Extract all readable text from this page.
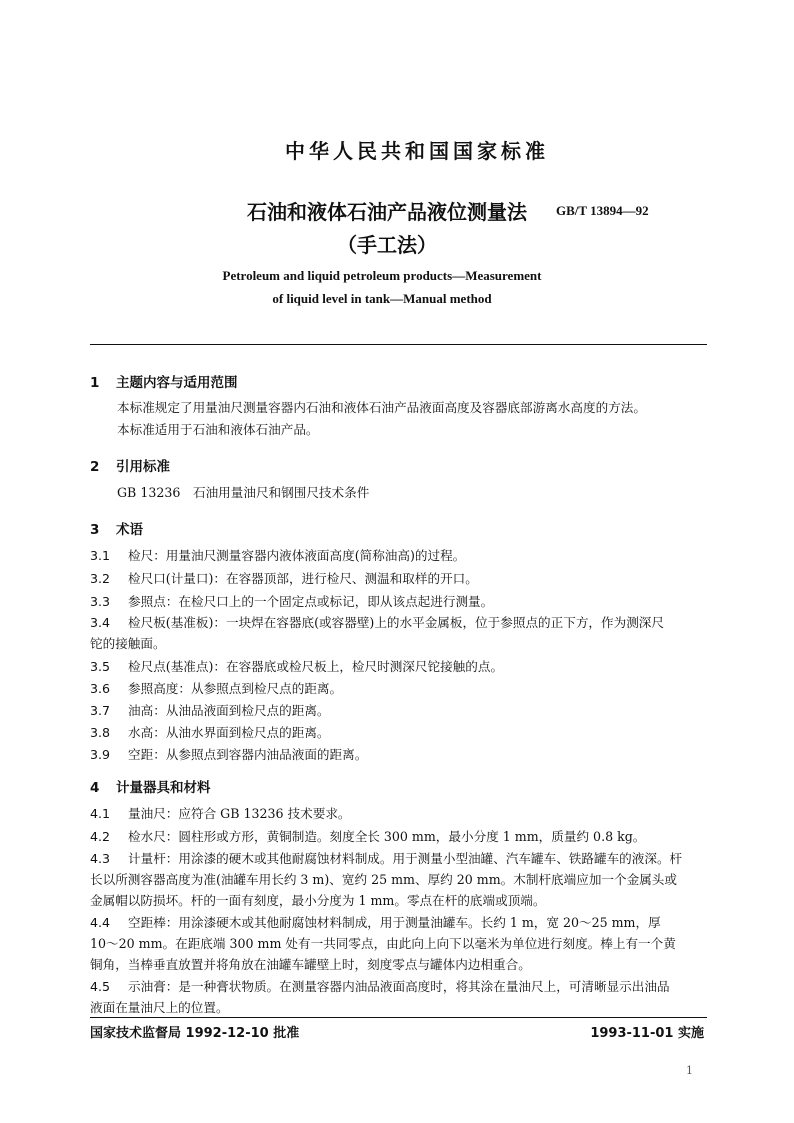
中华人民共和国国家标准
石油和液体石油产品液位测量法	GB/T 13894—92
（手工法）
Petroleum and liquid petroleum products—Measurement
of liquid level in tank—Manual method
1 主题内容与适用范围
本标准规定了用量油尺测量容器内石油和液体石油产品液面高度及容器底部游离水高度的方法。
本标准适用于石油和液体石油产品。
2 引用标准
GB 13236　石油用量油尺和钢围尺技术条件
3 术语
3.1 检尺：用量油尺测量容器内液体液面高度(简称油高)的过程。
3.2 检尺口(计量口)：在容器顶部，进行检尺、测温和取样的开口。
3.3 参照点：在检尺口上的一个固定点或标记，即从该点起进行测量。
3.4 检尺板(基准板)：一块焊在容器底(或容器壁)上的水平金属板，位于参照点的正下方，作为测深尺
铊的接触面。
3.5 检尺点(基准点)：在容器底或检尺板上，检尺时测深尺铊接触的点。
3.6 参照高度：从参照点到检尺点的距离。
3.7 油高：从油品液面到检尺点的距离。
3.8 水高：从油水界面到检尺点的距离。
3.9 空距：从参照点到容器内油品液面的距离。
4 计量器具和材料
4.1 量油尺：应符合 GB 13236 技术要求。
4.2 检水尺：圆柱形或方形，黄铜制造。刻度全长 300 mm，最小分度 1 mm，质量约 0.8 kg。
4.3 计量杆：用涂漆的硬木或其他耐腐蚀材料制成。用于测量小型油罐、汽车罐车、铁路罐车的液深。杆
长以所测容器高度为准(油罐车用长约 3 m)、宽约 25 mm、厚约 20 mm。木制杆底端应加一个金属头或
金属帽以防损坏。杆的一面有刻度，最小分度为 1 mm。零点在杆的底端或顶端。
4.4 空距棒：用涂漆硬木或其他耐腐蚀材料制成，用于测量油罐车。长约 1 m，宽 20～25 mm，厚
10～20 mm。在距底端 300 mm 处有一共同零点，由此向上向下以毫米为单位进行刻度。棒上有一个黄
铜角，当棒垂直放置并将角放在油罐车罐壁上时，刻度零点与罐体内边相重合。
4.5 示油膏：是一种膏状物质。在测量容器内油品液面高度时，将其涂在量油尺上，可清晰显示出油品
液面在量油尺上的位置。
国家技术监督局 1992-12-10 批准	1993-11-01 实施
1
